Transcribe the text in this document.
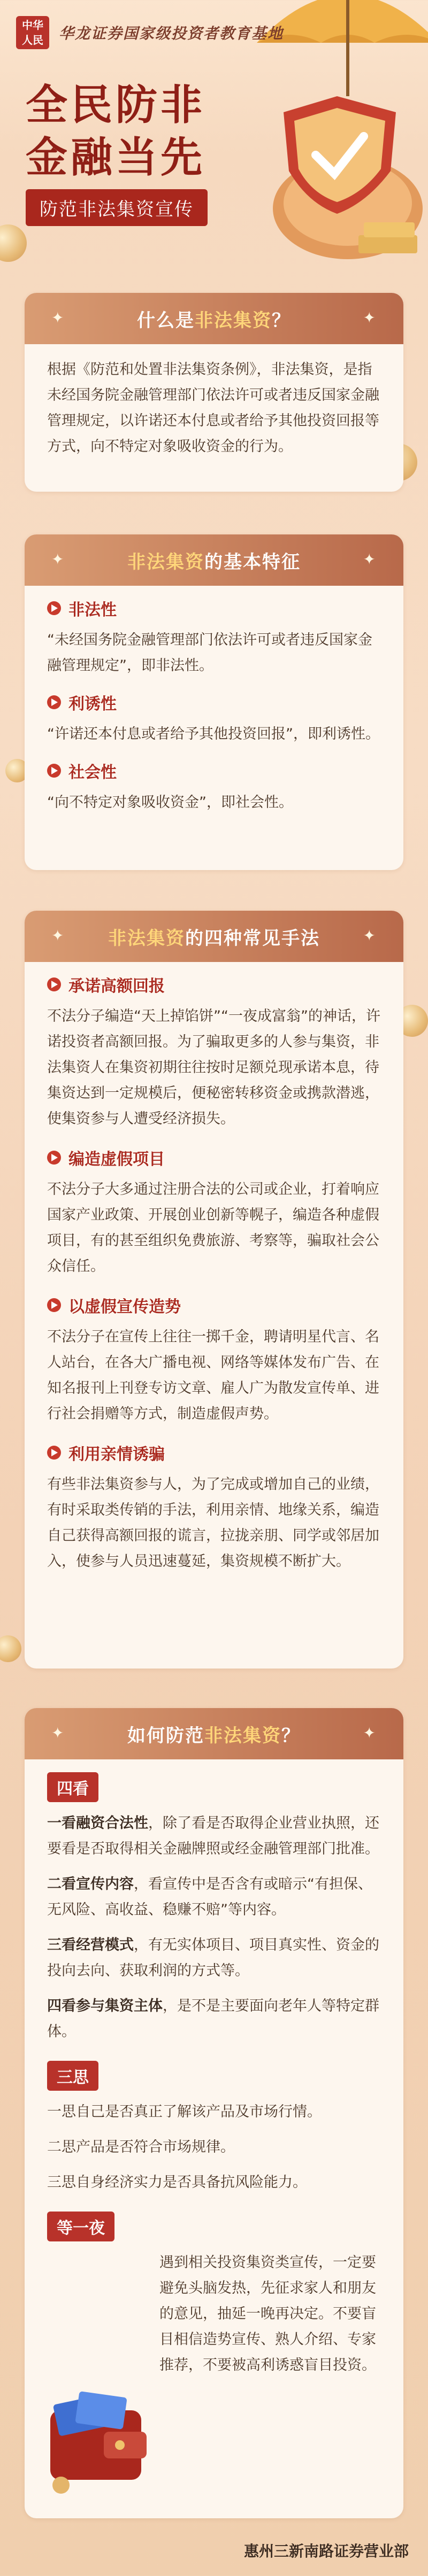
中华
人民	华龙证券国家级投资者教育基地
全民防非
金融当先
防范非法集资宣传
✦	什么是非法集资？	✦
根据《防范和处置非法集资条例》，非法集资，是指未经国务院金融管理部门依法许可或者违反国家金融管理规定，以许诺还本付息或者给予其他投资回报等方式，向不特定对象吸收资金的行为。
✦	非法集资的基本特征	✦
非法性
“未经国务院金融管理部门依法许可或者违反国家金融管理规定”，即非法性。
利诱性
“许诺还本付息或者给予其他投资回报”，即利诱性。
社会性
“向不特定对象吸收资金”，即社会性。
✦ 非法集资的四种常见手法	✦
承诺高额回报
不法分子编造“天上掉馅饼”“一夜成富翁”的神话，许诺投资者高额回报。为了骗取更多的人参与集资，非法集资人在集资初期往往按时足额兑现承诺本息，待集资达到一定规模后，便秘密转移资金或携款潜逃，使集资参与人遭受经济损失。
编造虚假项目
不法分子大多通过注册合法的公司或企业，打着响应国家产业政策、开展创业创新等幌子，编造各种虚假项目，有的甚至组织免费旅游、考察等，骗取社会公众信任。
以虚假宣传造势
不法分子在宣传上往往一掷千金，聘请明星代言、名人站台，在各大广播电视、网络等媒体发布广告、在知名报刊上刊登专访文章、雇人广为散发宣传单、进行社会捐赠等方式，制造虚假声势。
利用亲情诱骗
有些非法集资参与人，为了完成或增加自己的业绩，有时采取类传销的手法，利用亲情、地缘关系，编造自己获得高额回报的谎言，拉拢亲朋、同学或邻居加入，使参与人员迅速蔓延，集资规模不断扩大。
✦	如何防范非法集资？	✦
四看
一看融资合法性，除了看是否取得企业营业执照，还要看是否取得相关金融牌照或经金融管理部门批准。
二看宣传内容，看宣传中是否含有或暗示“有担保、无风险、高收益、稳赚不赔”等内容。
三看经营模式，有无实体项目、项目真实性、资金的投向去向、获取利润的方式等。
四看参与集资主体，是不是主要面向老年人等特定群体。
三思
一思自己是否真正了解该产品及市场行情。
二思产品是否符合市场规律。
三思自身经济实力是否具备抗风险能力。
等一夜
遇到相关投资集资类宣传，一定要避免头脑发热，先征求家人和朋友的意见，抽延一晚再决定。不要盲目相信造势宣传、熟人介绍、专家推荐，不要被高利诱惑盲目投资。
惠州三新南路证券营业部
